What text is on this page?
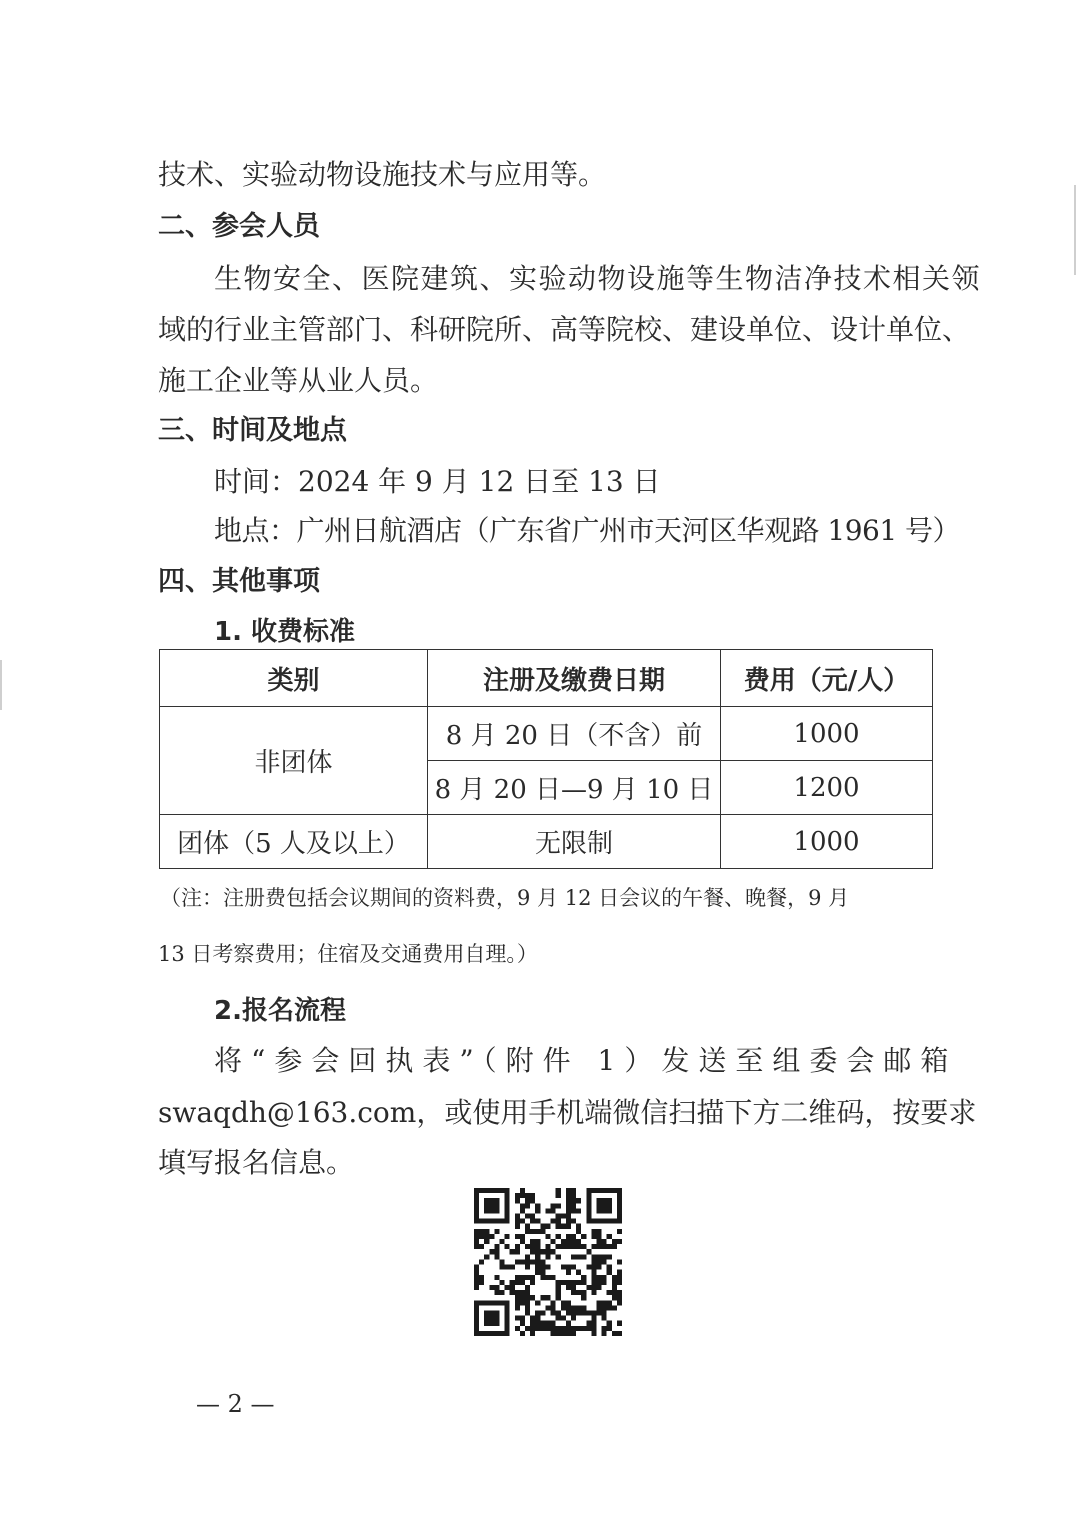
技术、实验动物设施技术与应用等。
二、参会人员
生物安全、医院建筑、实验动物设施等生物洁净技术相关领
域的行业主管部门、科研院所、高等院校、建设单位、设计单位、
施工企业等从业人员。
三、时间及地点
时间：2024 年 9 月 12 日至 13 日
地点：广州日航酒店（广东省广州市天河区华观路 1961 号）
四、其他事项
1. 收费标准
类别	注册及缴费日期	费用（元/人）
非团体	8 月 20 日（不含）前	1000
	8 月 20 日—9 月 10 日	1200
团体（5 人及以上）	无限制	1000
（注：注册费包括会议期间的资料费，9 月 12 日会议的午餐、晚餐，9 月
13 日考察费用；住宿及交通费用自理。）
2.报名流程
将“参会回执表”（附件 1）发送至组委会邮箱
swaqdh@163.com，或使用手机端微信扫描下方二维码，按要求
填写报名信息。
— 2 —
